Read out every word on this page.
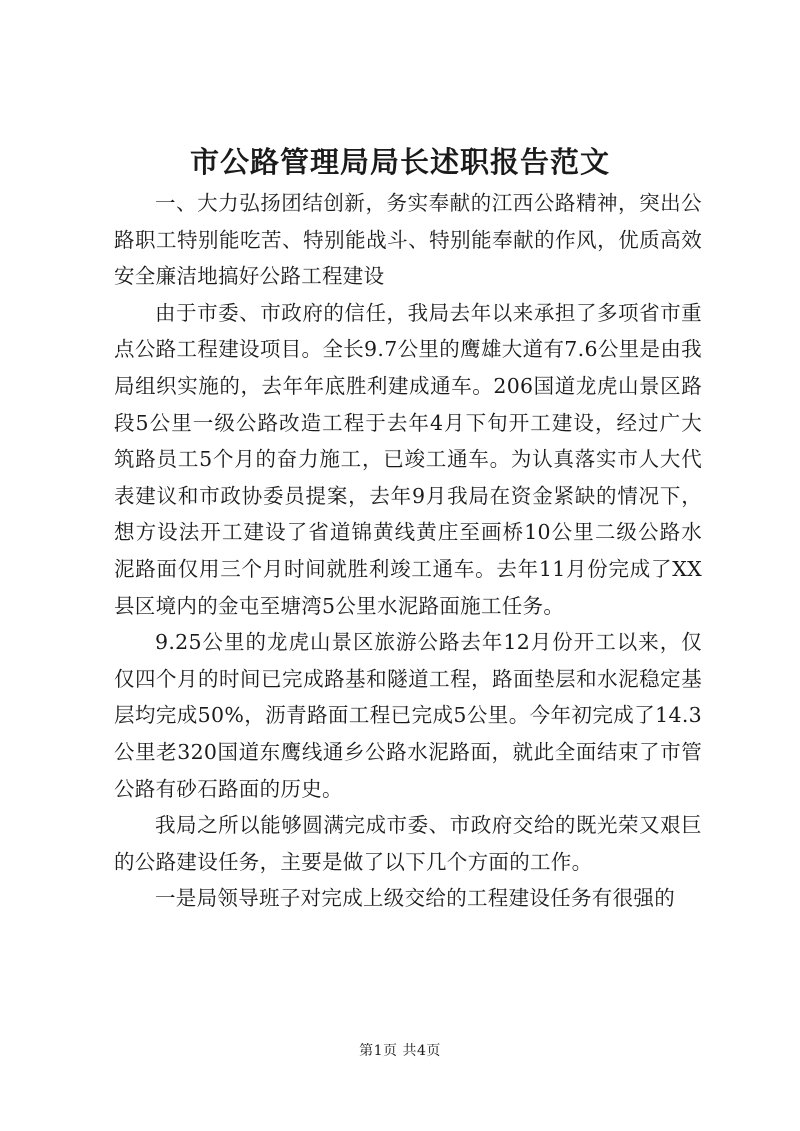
市公路管理局局长述职报告范文

一、大力弘扬团结创新，务实奉献的江西公路精神，突出公路职工特别能吃苦、特别能战斗、特别能奉献的作风，优质高效安全廉洁地搞好公路工程建设

由于市委、市政府的信任，我局去年以来承担了多项省市重点公路工程建设项目。全长9.7公里的鹰雄大道有7.6公里是由我局组织实施的，去年年底胜利建成通车。206国道龙虎山景区路段5公里一级公路改造工程于去年4月下旬开工建设，经过广大筑路员工5个月的奋力施工，已竣工通车。为认真落实市人大代表建议和市政协委员提案，去年9月我局在资金紧缺的情况下，想方设法开工建设了省道锦黄线黄庄至画桥10公里二级公路水泥路面仅用三个月时间就胜利竣工通车。去年11月份完成了XX县区境内的金屯至塘湾5公里水泥路面施工任务。

9.25公里的龙虎山景区旅游公路去年12月份开工以来，仅仅四个月的时间已完成路基和隧道工程，路面垫层和水泥稳定基层均完成50%，沥青路面工程已完成5公里。今年初完成了14.3公里老320国道东鹰线通乡公路水泥路面，就此全面结束了市管公路有砂石路面的历史。

我局之所以能够圆满完成市委、市政府交给的既光荣又艰巨的公路建设任务，主要是做了以下几个方面的工作。

一是局领导班子对完成上级交给的工程建设任务有很强的

第1页 共4页
